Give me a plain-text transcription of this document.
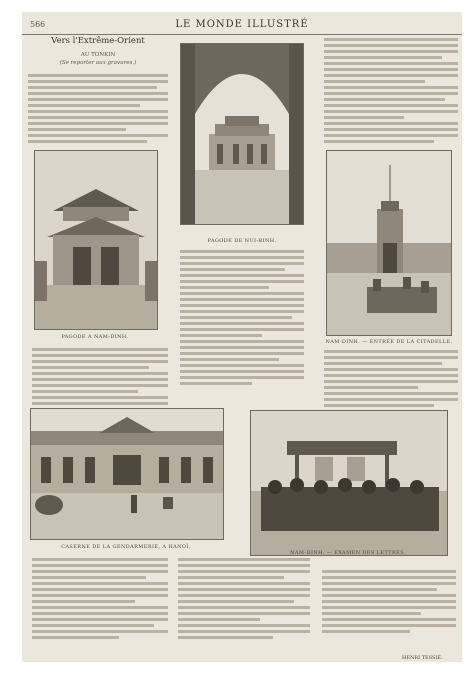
566	LE MONDE ILLUSTRÉ
Vers l'Extrême-Orient
AU TONKIN
(Se reporter aux gravures.)
PAGODE DE NUI-BINH.
PAGODE A NAM-DINH.
NAM-DINH. — ENTRÉE DE LA CITADELLE.
CASERNE DE LA GENDARMERIE, A HANOÏ.
NAM-DINH. — EXAMEN DES LETTRÉS.
HENRI TESSIÉ.
